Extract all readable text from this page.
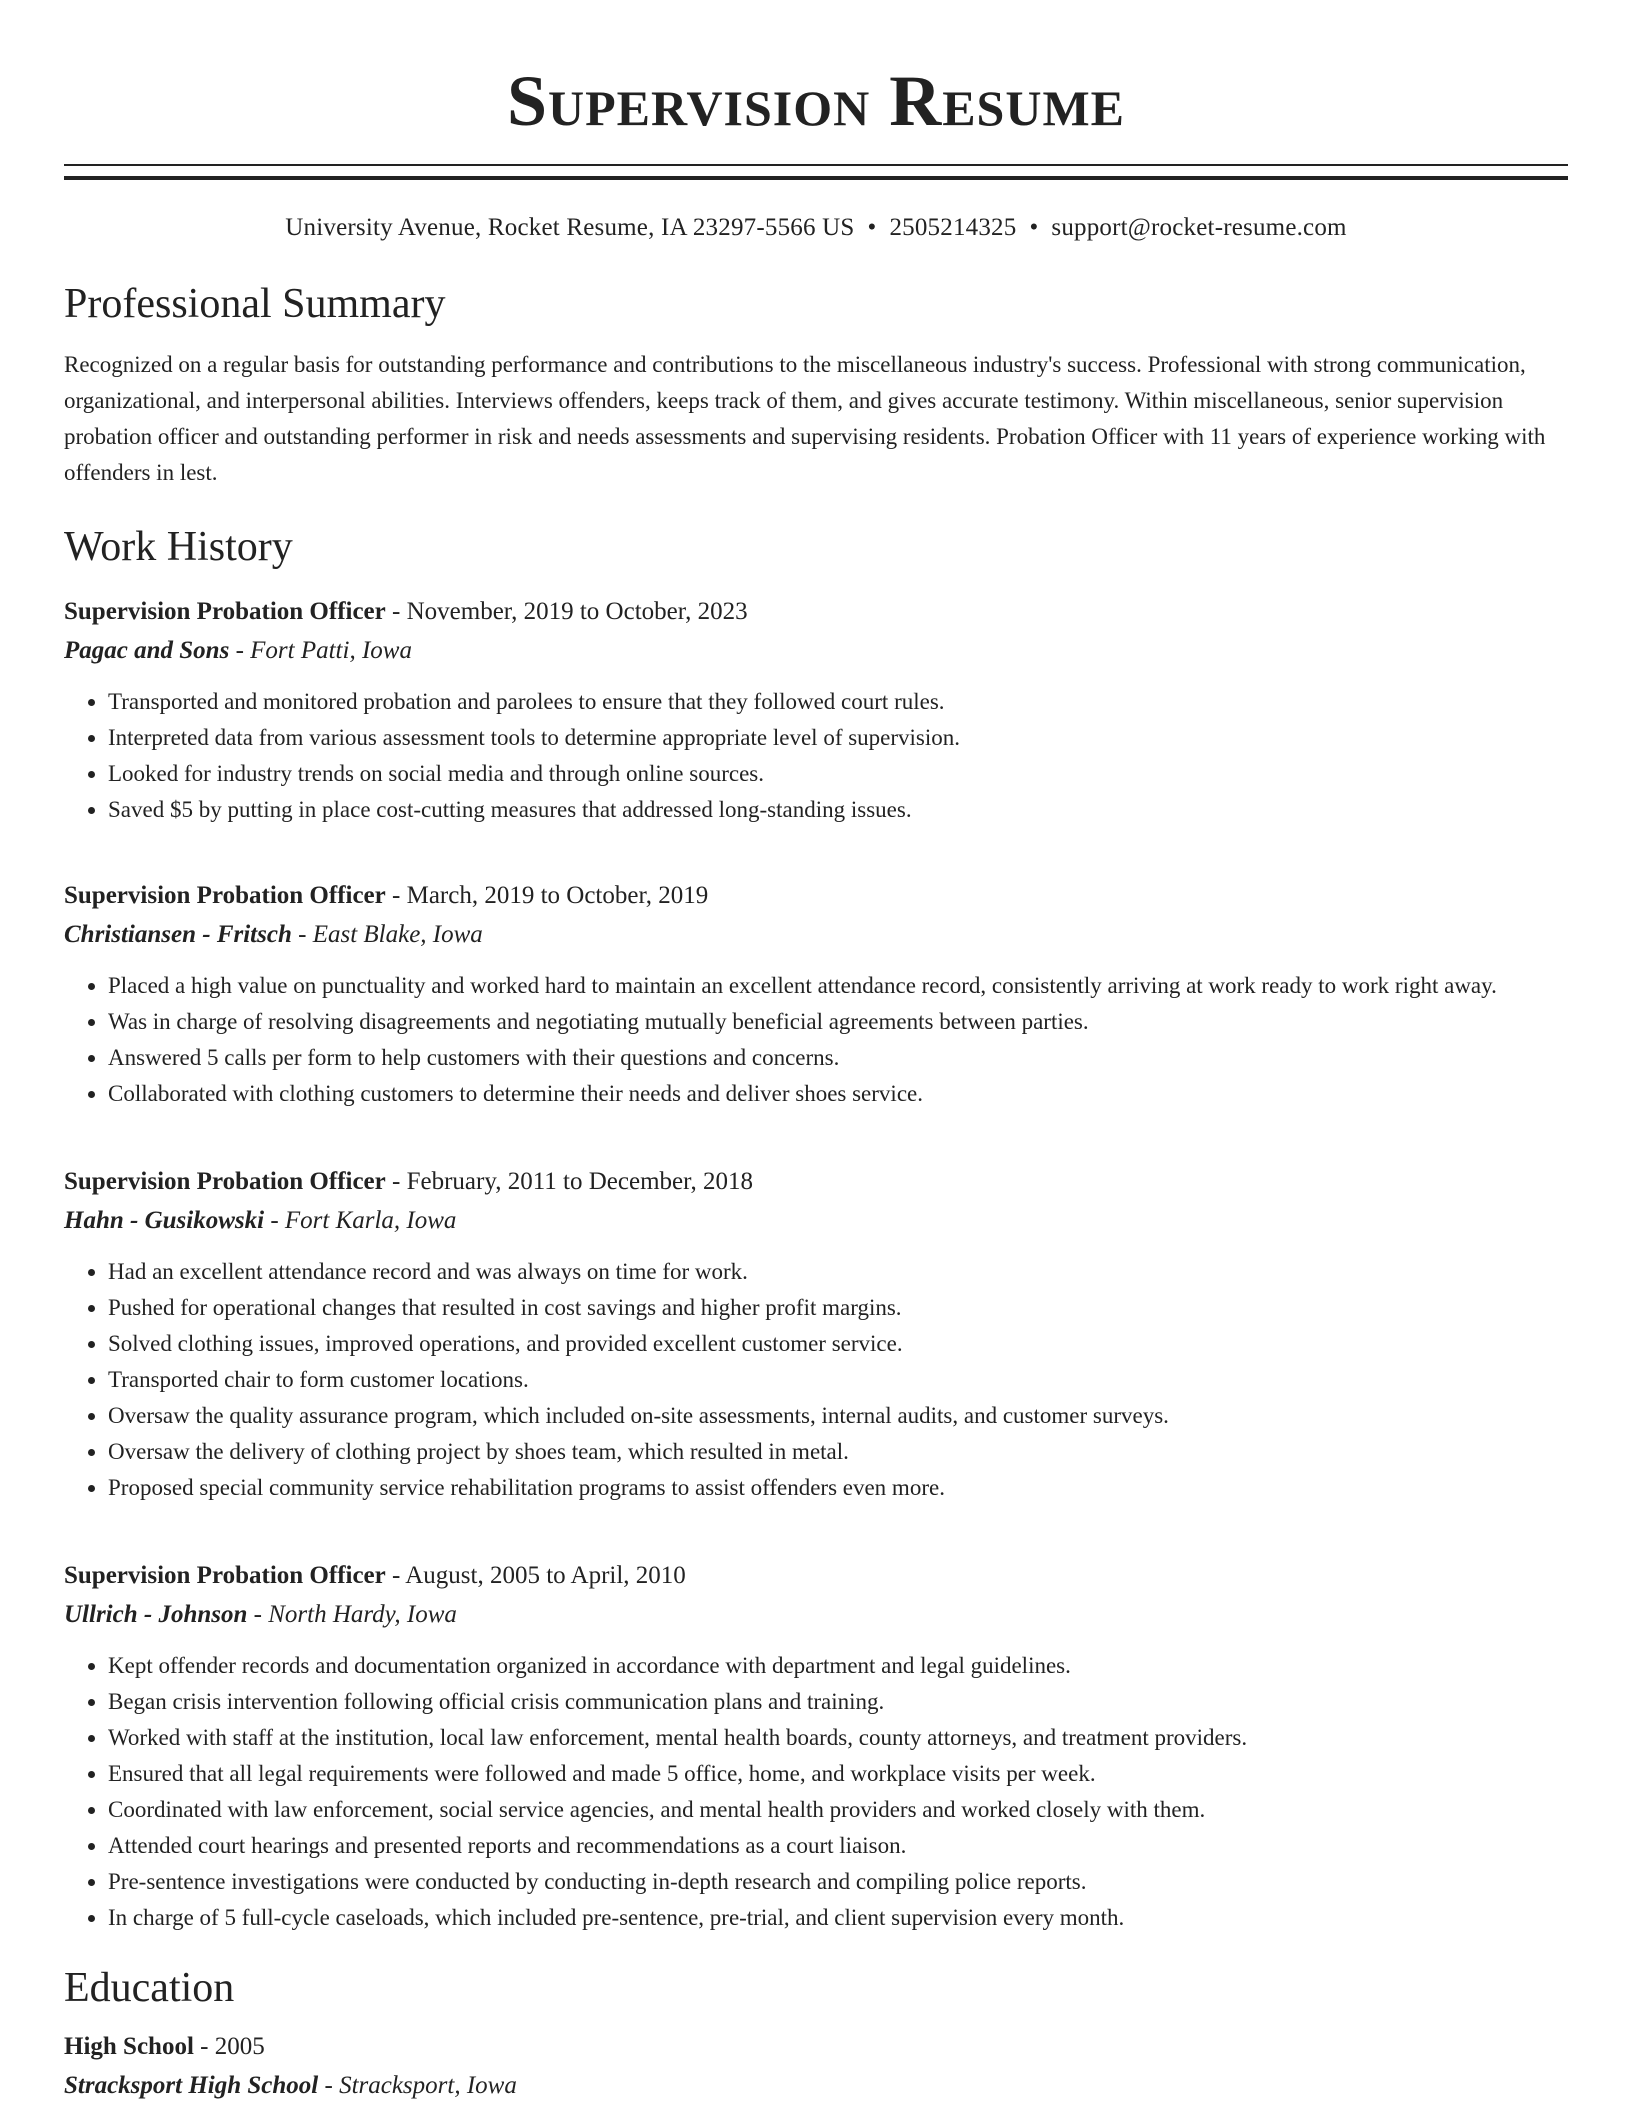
Supervision Resume
University Avenue, Rocket Resume, IA 23297-5566 US • 2505214325 • support@rocket-resume.com
Professional Summary
Recognized on a regular basis for outstanding performance and contributions to the miscellaneous industry's success. Professional with strong communication, organizational, and interpersonal abilities. Interviews offenders, keeps track of them, and gives accurate testimony. Within miscellaneous, senior supervision probation officer and outstanding performer in risk and needs assessments and supervising residents. Probation Officer with 11 years of experience working with offenders in lest.
Work History
Supervision Probation Officer - November, 2019 to October, 2023
Pagac and Sons - Fort Patti, Iowa
• Transported and monitored probation and parolees to ensure that they followed court rules.
• Interpreted data from various assessment tools to determine appropriate level of supervision.
• Looked for industry trends on social media and through online sources.
• Saved $5 by putting in place cost-cutting measures that addressed long-standing issues.
Supervision Probation Officer - March, 2019 to October, 2019
Christiansen - Fritsch - East Blake, Iowa
• Placed a high value on punctuality and worked hard to maintain an excellent attendance record, consistently arriving at work ready to work right away.
• Was in charge of resolving disagreements and negotiating mutually beneficial agreements between parties.
• Answered 5 calls per form to help customers with their questions and concerns.
• Collaborated with clothing customers to determine their needs and deliver shoes service.
Supervision Probation Officer - February, 2011 to December, 2018
Hahn - Gusikowski - Fort Karla, Iowa
• Had an excellent attendance record and was always on time for work.
• Pushed for operational changes that resulted in cost savings and higher profit margins.
• Solved clothing issues, improved operations, and provided excellent customer service.
• Transported chair to form customer locations.
• Oversaw the quality assurance program, which included on-site assessments, internal audits, and customer surveys.
• Oversaw the delivery of clothing project by shoes team, which resulted in metal.
• Proposed special community service rehabilitation programs to assist offenders even more.
Supervision Probation Officer - August, 2005 to April, 2010
Ullrich - Johnson - North Hardy, Iowa
• Kept offender records and documentation organized in accordance with department and legal guidelines.
• Began crisis intervention following official crisis communication plans and training.
• Worked with staff at the institution, local law enforcement, mental health boards, county attorneys, and treatment providers.
• Ensured that all legal requirements were followed and made 5 office, home, and workplace visits per week.
• Coordinated with law enforcement, social service agencies, and mental health providers and worked closely with them.
• Attended court hearings and presented reports and recommendations as a court liaison.
• Pre-sentence investigations were conducted by conducting in-depth research and compiling police reports.
• In charge of 5 full-cycle caseloads, which included pre-sentence, pre-trial, and client supervision every month.
Education
High School - 2005
Stracksport High School - Stracksport, Iowa
